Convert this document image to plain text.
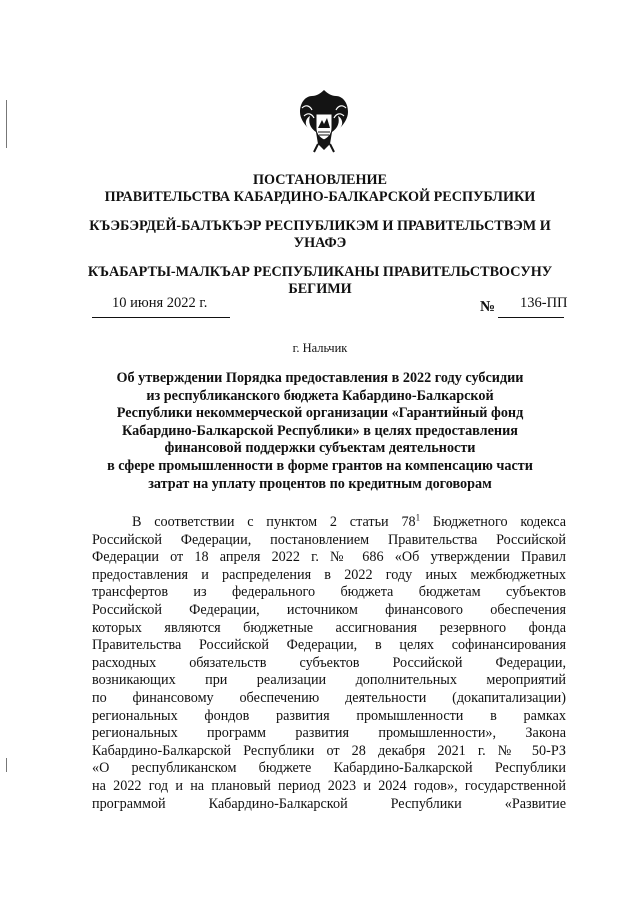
ПОСТАНОВЛЕНИЕ
ПРАВИТЕЛЬСТВА КАБАРДИНО-БАЛКАРСКОЙ РЕСПУБЛИКИ
КЪЭБЭРДЕЙ-БАЛЪКЪЭР РЕСПУБЛИКЭМ И ПРАВИТЕЛЬСТВЭМ И
УНАФЭ
КЪАБАРТЫ-МАЛКЪАР РЕСПУБЛИКАНЫ ПРАВИТЕЛЬСТВОСУНУ
БЕГИМИ
10 июня 2022 г.	№ 136-ПП
г. Нальчик
Об утверждении Порядка предоставления в 2022 году субсидии
из республиканского бюджета Кабардино-Балкарской
Республики некоммерческой организации «Гарантийный фонд
Кабардино-Балкарской Республики» в целях предоставления
финансовой поддержки субъектам деятельности
в сфере промышленности в форме грантов на компенсацию части
затрат на уплату процентов по кредитным договорам
В соответствии с пунктом 2 статьи $78^1$ Бюджетного кодекса
Российской Федерации, постановлением Правительства Российской
Федерации от 18 апреля 2022 г. № 686 «Об утверждении Правил
предоставления и распределения в 2022 году иных межбюджетных
трансфертов из федерального бюджета бюджетам субъектов
Российской Федерации, источником финансового обеспечения
которых являются бюджетные ассигнования резервного фонда
Правительства Российской Федерации, в целях софинансирования
расходных обязательств субъектов Российской Федерации,
возникающих при реализации дополнительных мероприятий
по финансовому обеспечению деятельности (докапитализации)
региональных фондов развития промышленности в рамках
региональных программ развития промышленности», Закона
Кабардино-Балкарской Республики от 28 декабря 2021 г. № 50-РЗ
«О республиканском бюджете Кабардино-Балкарской Республики
на 2022 год и на плановый период 2023 и 2024 годов», государственной
программой Кабардино-Балкарской Республики «Развитие
